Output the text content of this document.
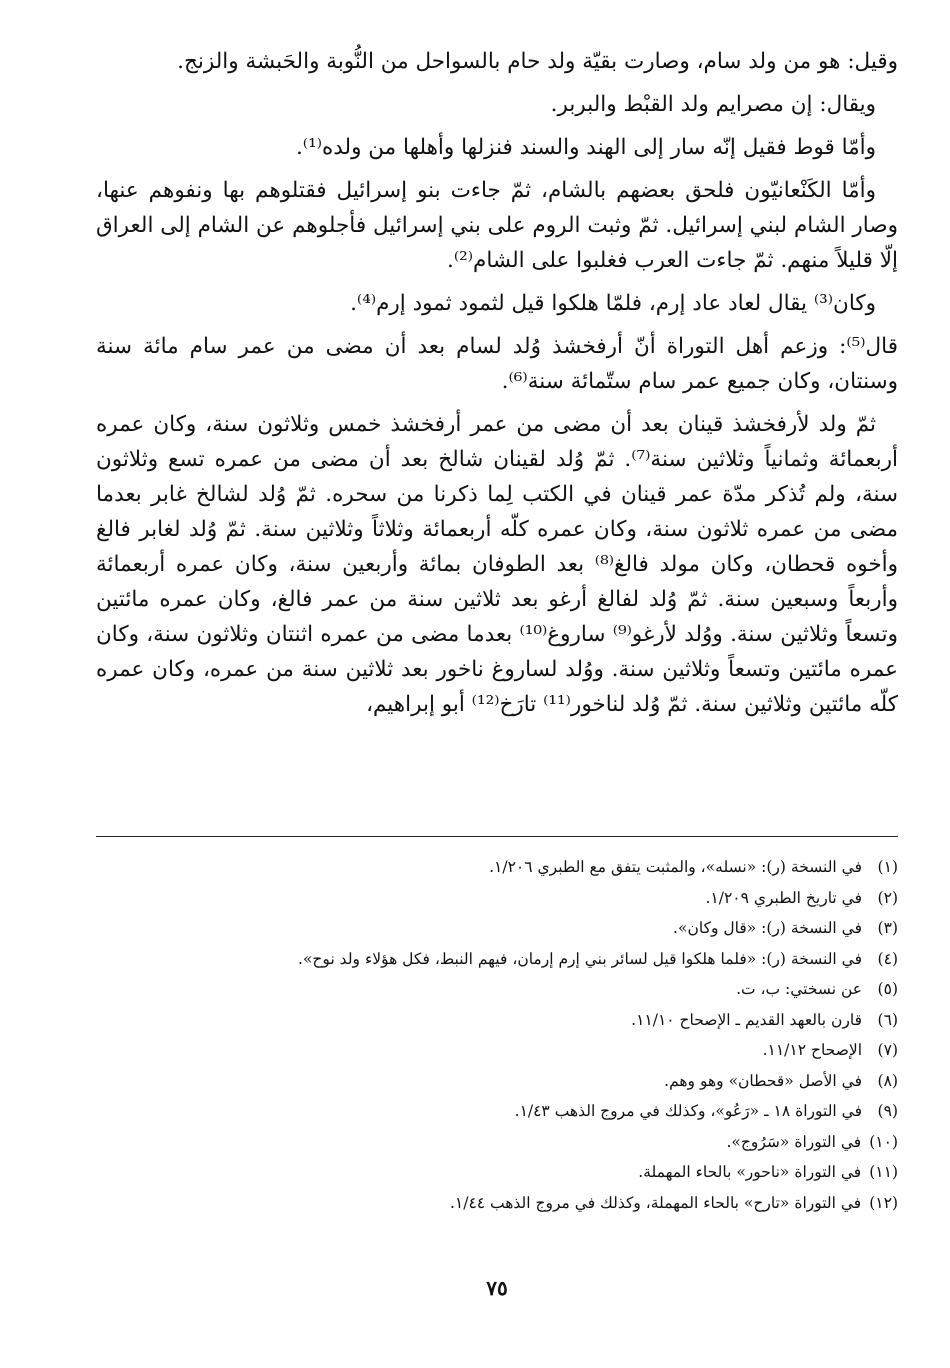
وقيل: هو من ولد سام، وصارت بقيّة ولد حام بالسواحل من النُّوبة والحَبشة والزنج.

ويقال: إن مصرايم ولد القبْط والبربر.

وأمّا قوط فقيل إنّه سار إلى الهند والسند فنزلها وأهلها من ولده⁽¹⁾.

وأمّا الكَنْعانيّون فلحق بعضهم بالشام، ثمّ جاءت بنو إسرائيل فقتلوهم بها ونفوهم عنها، وصار الشام لبني إسرائيل. ثمّ وثبت الروم على بني إسرائيل فأجلوهم عن الشام إلى العراق إلّا قليلاً منهم. ثمّ جاءت العرب فغلبوا على الشام⁽²⁾.

وكان⁽³⁾ يقال لعاد عاد إرم، فلمّا هلكوا قيل لثمود ثمود إرم⁽⁴⁾.

قال⁽⁵⁾: وزعم أهل التوراة أنّ أرفخشذ وُلد لسام بعد أن مضى من عمر سام مائة سنة وسنتان، وكان جميع عمر سام ستّمائة سنة⁽⁶⁾.

ثمّ ولد لأرفخشذ قينان بعد أن مضى من عمر أرفخشذ خمس وثلاثون سنة، وكان عمره أربعمائة وثمانياً وثلاثين سنة⁽⁷⁾. ثمّ وُلد لقينان شالخ بعد أن مضى من عمره تسع وثلاثون سنة، ولم تُذكر مدّة عمر قينان في الكتب لِما ذكرنا من سحره. ثمّ وُلد لشالخ غابر بعدما مضى من عمره ثلاثون سنة، وكان عمره كلّه أربعمائة وثلاثاً وثلاثين سنة. ثمّ وُلد لغابر فالغ وأخوه قحطان، وكان مولد فالغ⁽⁸⁾ بعد الطوفان بمائة وأربعين سنة، وكان عمره أربعمائة وأربعاً وسبعين سنة. ثمّ وُلد لفالغ أرغو بعد ثلاثين سنة من عمر فالغ، وكان عمره مائتين وتسعاً وثلاثين سنة. ووُلد لأرغو⁽⁹⁾ ساروغ⁽¹⁰⁾ بعدما مضى من عمره اثنتان وثلاثون سنة، وكان عمره مائتين وتسعاً وثلاثين سنة. ووُلد لساروغ ناخور بعد ثلاثين سنة من عمره، وكان عمره كلّه مائتين وثلاثين سنة. ثمّ وُلد لناخور⁽¹¹⁾ تارَخ⁽¹²⁾ أبو إبراهيم،

(١)
في النسخة (ر): «نسله»، والمثبت يتفق مع الطبري ١/٢٠٦.

(٢)
في تاريخ الطبري ١/٢٠٩.

(٣)
في النسخة (ر): «قال وكان».

(٤)
في النسخة (ر): «فلما هلكوا قيل لسائر بني إرم إرمان، فيهم النبط، فكل هؤلاء ولد نوح».

(٥)
عن نسختي: ب، ت.

(٦)
قارن بالعهد القديم ـ الإصحاح ١١/١٠.

(٧)
الإصحاح ١١/١٢.

(٨)
في الأصل «قحطان» وهو وهم.

(٩)
في التوراة ١٨ ـ «رَعُو»، وكذلك في مروج الذهب ١/٤٣.

(١٠)
في التوراة «سَرُوج».

(١١)
في التوراة «ناحور» بالحاء المهملة.

(١٢)
في التوراة «تارح» بالحاء المهملة، وكذلك في مروج الذهب ١/٤٤.

٧٥
